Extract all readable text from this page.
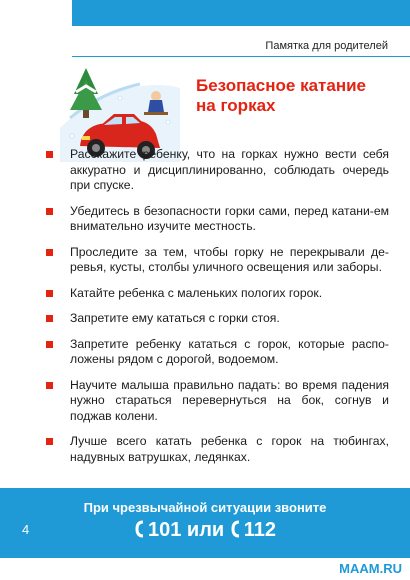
Памятка для родителей
Безопасное катание
на горках
Расскажите ребенку, что на горках нужно вести себя аккуратно и дисциплинированно, соблюдать очередь при спуске.
Убедитесь в безопасности горки сами, перед катани-ем внимательно изучите местность.
Проследите за тем, чтобы горку не перекрывали де-ревья, кусты, столбы уличного освещения или заборы.
Катайте ребенка с маленьких пологих горок.
Запретите ему кататься с горки стоя.
Запретите ребенку кататься с горок, которые распо-ложены рядом с дорогой, водоемом.
Научите малыша правильно падать: во время падения нужно стараться перевернуться на бок, согнув и поджав колени.
Лучше всего катать ребенка с горок на тюбингах, надувных ватрушках, ледянках.
4
При чрезвычайной ситуации звоните
101 или 112
MAAM.RU
